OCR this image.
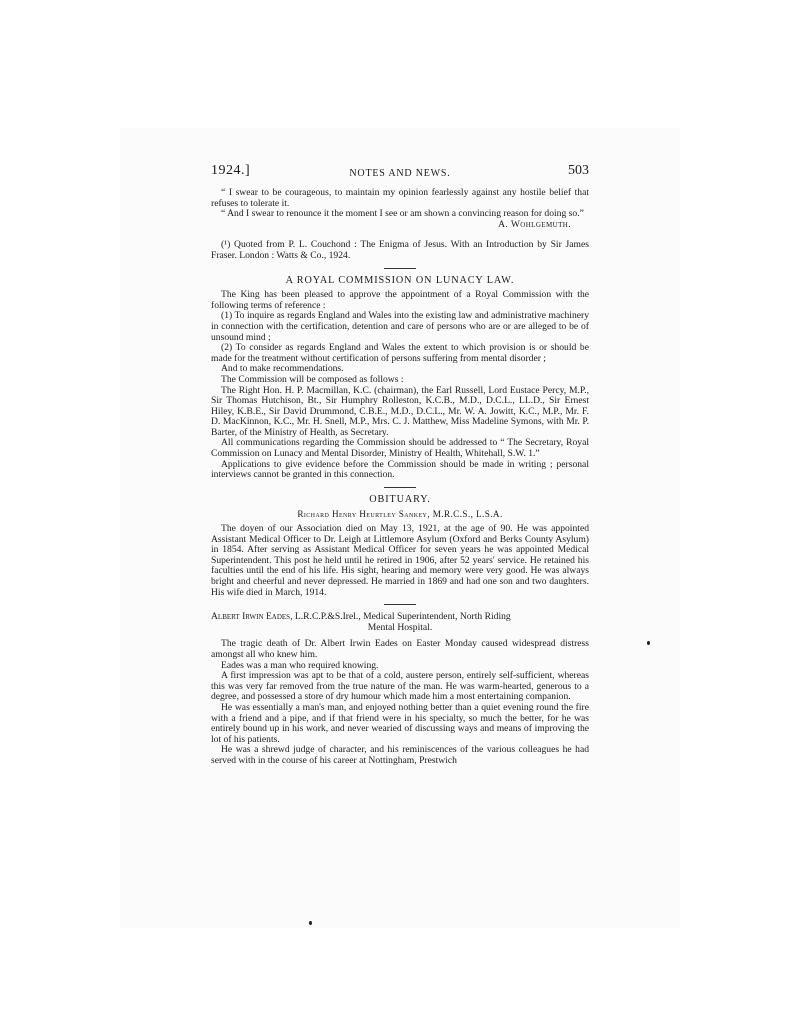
1924.]	NOTES AND NEWS.	503

“ I swear to be courageous, to maintain my opinion fearlessly against any hostile belief that refuses to tolerate it.

“ And I swear to renounce it the moment I see or am shown a convincing reason for doing so.”

A. Wohlgemuth.

(¹) Quoted from P. L. Couchond : The Enigma of Jesus. With an Introduction by Sir James Fraser. London : Watts & Co., 1924.

A ROYAL COMMISSION ON LUNACY LAW.

The King has been pleased to approve the appointment of a Royal Commission with the following terms of reference :

(1) To inquire as regards England and Wales into the existing law and administrative machinery in connection with the certification, detention and care of persons who are or are alleged to be of unsound mind ;

(2) To consider as regards England and Wales the extent to which provision is or should be made for the treatment without certification of persons suffering from mental disorder ;

And to make recommendations.

The Commission will be composed as follows :

The Right Hon. H. P. Macmillan, K.C. (chairman), the Earl Russell, Lord Eustace Percy, M.P., Sir Thomas Hutchison, Bt., Sir Humphry Rolleston, K.C.B., M.D., D.C.L., LL.D., Sir Ernest Hiley, K.B.E., Sir David Drummond, C.B.E., M.D., D.C.L., Mr. W. A. Jowitt, K.C., M.P., Mr. F. D. MacKinnon, K.C., Mr. H. Snell, M.P., Mrs. C. J. Matthew, Miss Madeline Symons, with Mr. P. Barter, of the Ministry of Health, as Secretary.

All communications regarding the Commission should be addressed to “ The Secretary, Royal Commission on Lunacy and Mental Disorder, Ministry of Health, Whitehall, S.W. 1.”

Applications to give evidence before the Commission should be made in writing ; personal interviews cannot be granted in this connection.

OBITUARY.
Richard Henry Heurtley Sankey, M.R.C.S., L.S.A.

The doyen of our Association died on May 13, 1921, at the age of 90. He was appointed Assistant Medical Officer to Dr. Leigh at Littlemore Asylum (Oxford and Berks County Asylum) in 1854. After serving as Assistant Medical Officer for seven years he was appointed Medical Superintendent. This post he held until he retired in 1906, after 52 years' service. He retained his faculties until the end of his life. His sight, hearing and memory were very good. He was always bright and cheerful and never depressed. He married in 1869 and had one son and two daughters. His wife died in March, 1914.

Albert Irwin Eades, L.R.C.P.&S.Irel., Medical Superintendent, North Riding
Mental Hospital.

The tragic death of Dr. Albert Irwin Eades on Easter Monday caused widespread distress amongst all who knew him.

Eades was a man who required knowing.

A first impression was apt to be that of a cold, austere person, entirely self-sufficient, whereas this was very far removed from the true nature of the man. He was warm-hearted, generous to a degree, and possessed a store of dry humour which made him a most entertaining companion.

He was essentially a man's man, and enjoyed nothing better than a quiet evening round the fire with a friend and a pipe, and if that friend were in his specialty, so much the better, for he was entirely bound up in his work, and never wearied of discussing ways and means of improving the lot of his patients.

He was a shrewd judge of character, and his reminiscences of the various colleagues he had served with in the course of his career at Nottingham, Prestwich
